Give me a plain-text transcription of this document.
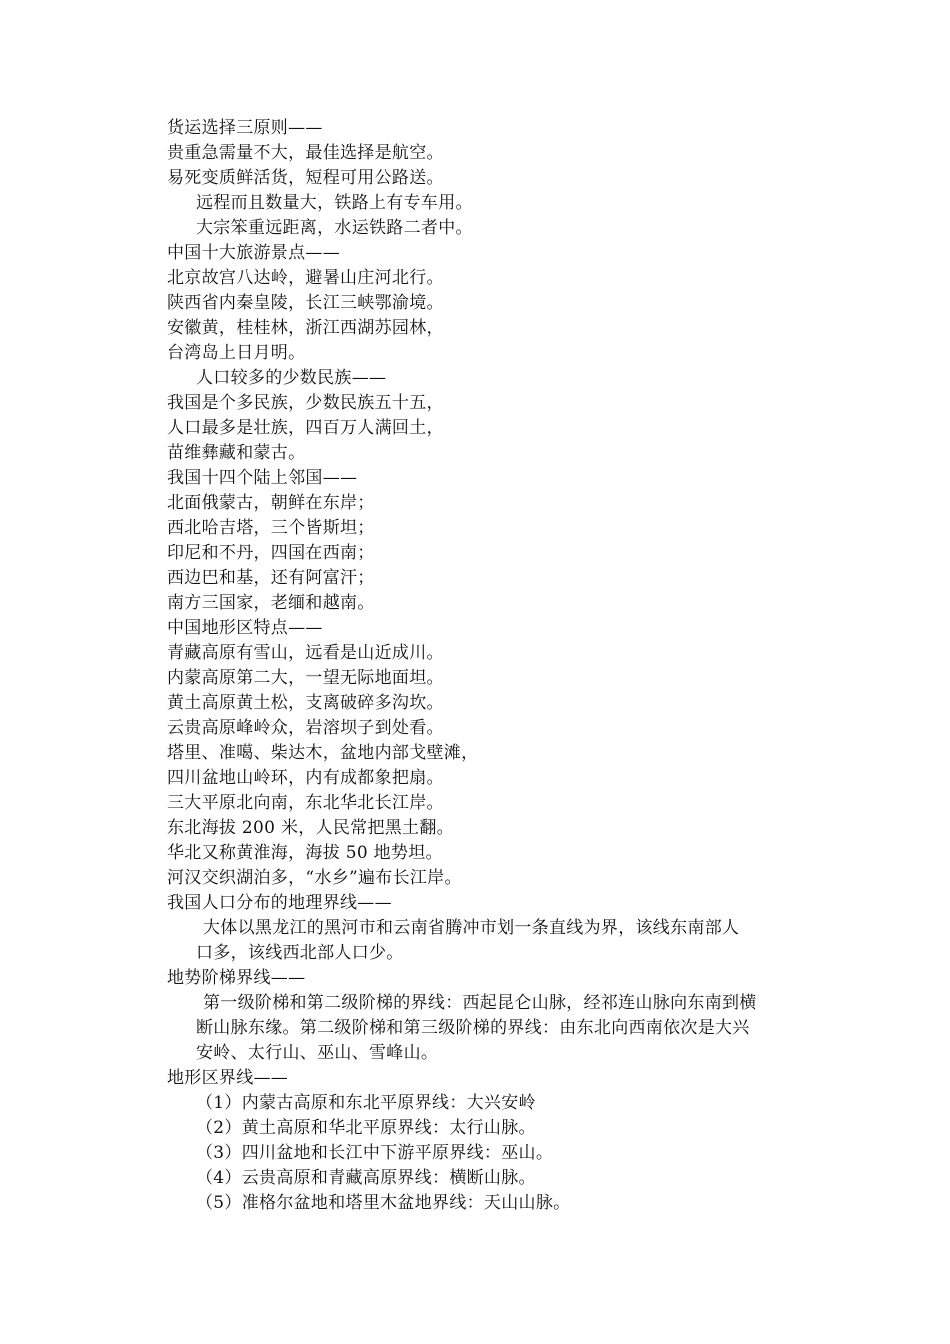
货运选择三原则——
贵重急需量不大，最佳选择是航空。
易死变质鲜活货，短程可用公路送。
远程而且数量大，铁路上有专车用。
大宗笨重远距离，水运铁路二者中。
中国十大旅游景点——
北京故宫八达岭，避暑山庄河北行。
陕西省内秦皇陵，长江三峡鄂渝境。
安徽黄，桂桂林，浙江西湖苏园林，
台湾岛上日月明。
人口较多的少数民族——
我国是个多民族，少数民族五十五，
人口最多是壮族，四百万人满回土，
苗维彝藏和蒙古。
我国十四个陆上邻国——
北面俄蒙古，朝鲜在东岸；
西北哈吉塔，三个皆斯坦；
印尼和不丹，四国在西南；
西边巴和基，还有阿富汗；
南方三国家，老缅和越南。
中国地形区特点——
青藏高原有雪山，远看是山近成川。
内蒙高原第二大，一望无际地面坦。
黄土高原黄土松，支离破碎多沟坎。
云贵高原峰岭众，岩溶坝子到处看。
塔里、准噶、柴达木，盆地内部戈壁滩，
四川盆地山岭环，内有成都象把扇。
三大平原北向南，东北华北长江岸。
东北海拔 200 米，人民常把黑土翻。
华北又称黄淮海，海拔 50 地势坦。
河汉交织湖泊多，“水乡”遍布长江岸。
我国人口分布的地理界线——
大体以黑龙江的黑河市和云南省腾冲市划一条直线为界，该线东南部人
口多，该线西北部人口少。
地势阶梯界线——
第一级阶梯和第二级阶梯的界线：西起昆仑山脉，经祁连山脉向东南到横
断山脉东缘。第二级阶梯和第三级阶梯的界线：由东北向西南依次是大兴
安岭、太行山、巫山、雪峰山。
地形区界线——
（1）内蒙古高原和东北平原界线：大兴安岭
（2）黄土高原和华北平原界线：太行山脉。
（3）四川盆地和长江中下游平原界线：巫山。
（4）云贵高原和青藏高原界线：横断山脉。
（5）准格尔盆地和塔里木盆地界线：天山山脉。
